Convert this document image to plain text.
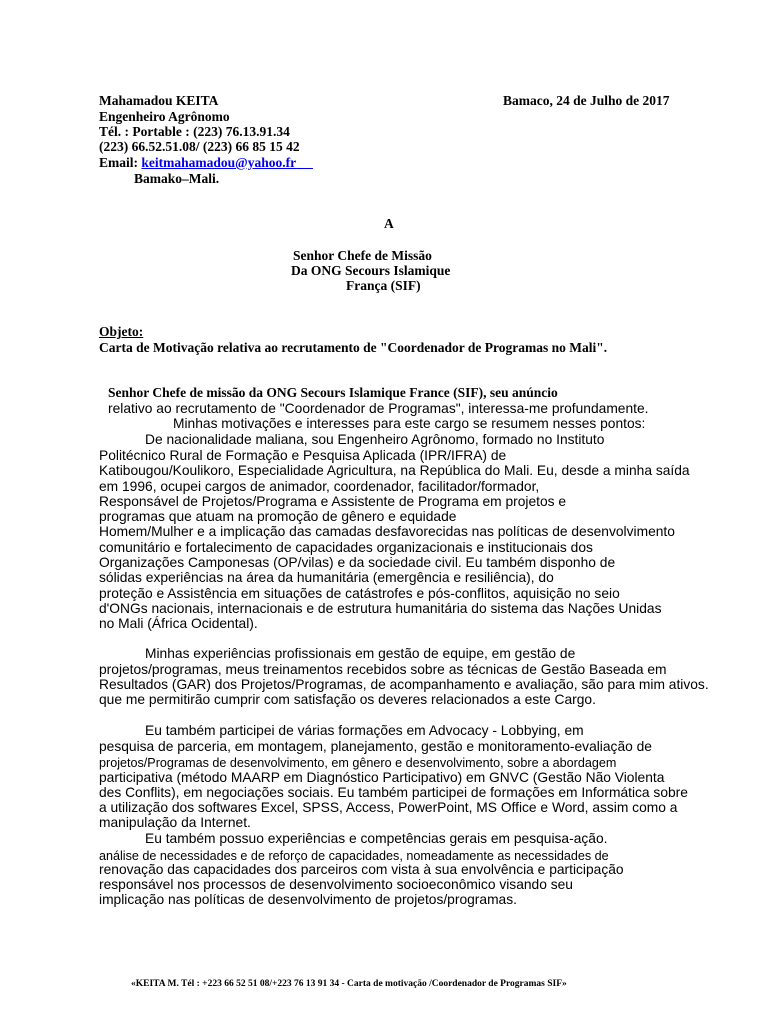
Mahamadou KEITA	Bamaco, 24 de Julho de 2017
Engenheiro Agrônomo
Tél. : Portable : (223) 76.13.91.34
(223) 66.52.51.08/ (223) 66 85 15 42
Email: keitmahamadou@yahoo.fr
Bamako–Mali.
A
Senhor Chefe de Missão
Da ONG Secours Islamique
França (SIF)
Objeto:
Carta de Motivação relativa ao recrutamento de "Coordenador de Programas no Mali".
Senhor Chefe de missão da ONG Secours Islamique France (SIF), seu anúncio
relativo ao recrutamento de "Coordenador de Programas", interessa-me profundamente.
Minhas motivações e interesses para este cargo se resumem nesses pontos:
De nacionalidade maliana, sou Engenheiro Agrônomo, formado no Instituto
Politécnico Rural de Formação e Pesquisa Aplicada (IPR/IFRA) de
Katibougou/Koulikoro, Especialidade Agricultura, na República do Mali. Eu, desde a minha saída
em 1996, ocupei cargos de animador, coordenador, facilitador/formador,
Responsável de Projetos/Programa e Assistente de Programa em projetos e
programas que atuam na promoção de gênero e equidade
Homem/Mulher e a implicação das camadas desfavorecidas nas políticas de desenvolvimento
comunitário e fortalecimento de capacidades organizacionais e institucionais dos
Organizações Camponesas (OP/vilas) e da sociedade civil. Eu também disponho de
sólidas experiências na área da humanitária (emergência e resiliência), do
proteção e Assistência em situações de catástrofes e pós-conflitos, aquisição no seio
d'ONGs nacionais, internacionais e de estrutura humanitária do sistema das Nações Unidas
no Mali (África Ocidental).
Minhas experiências profissionais em gestão de equipe, em gestão de
projetos/programas, meus treinamentos recebidos sobre as técnicas de Gestão Baseada em
Resultados (GAR) dos Projetos/Programas, de acompanhamento e avaliação, são para mim ativos.
que me permitirão cumprir com satisfação os deveres relacionados a este Cargo.
Eu também participei de várias formações em Advocacy - Lobbying, em
pesquisa de parceria, em montagem, planejamento, gestão e monitoramento-evaliação de
projetos/Programas de desenvolvimento, em gênero e desenvolvimento, sobre a abordagem
participativa (método MAARP em Diagnóstico Participativo) em GNVC (Gestão Não Violenta
des Conflits), em negociações sociais. Eu também participei de formações em Informática sobre
a utilização dos softwares Excel, SPSS, Access, PowerPoint, MS Office e Word, assim como a
manipulação da Internet.
Eu também possuo experiências e competências gerais em pesquisa-ação.
análise de necessidades e de reforço de capacidades, nomeadamente as necessidades de
renovação das capacidades dos parceiros com vista à sua envolvência e participação
responsável nos processos de desenvolvimento socioeconômico visando seu
implicação nas políticas de desenvolvimento de projetos/programas.
«KEITA M. Tél : +223 66 52 51 08/+223 76 13 91 34 - Carta de motivação /Coordenador de Programas SIF»
